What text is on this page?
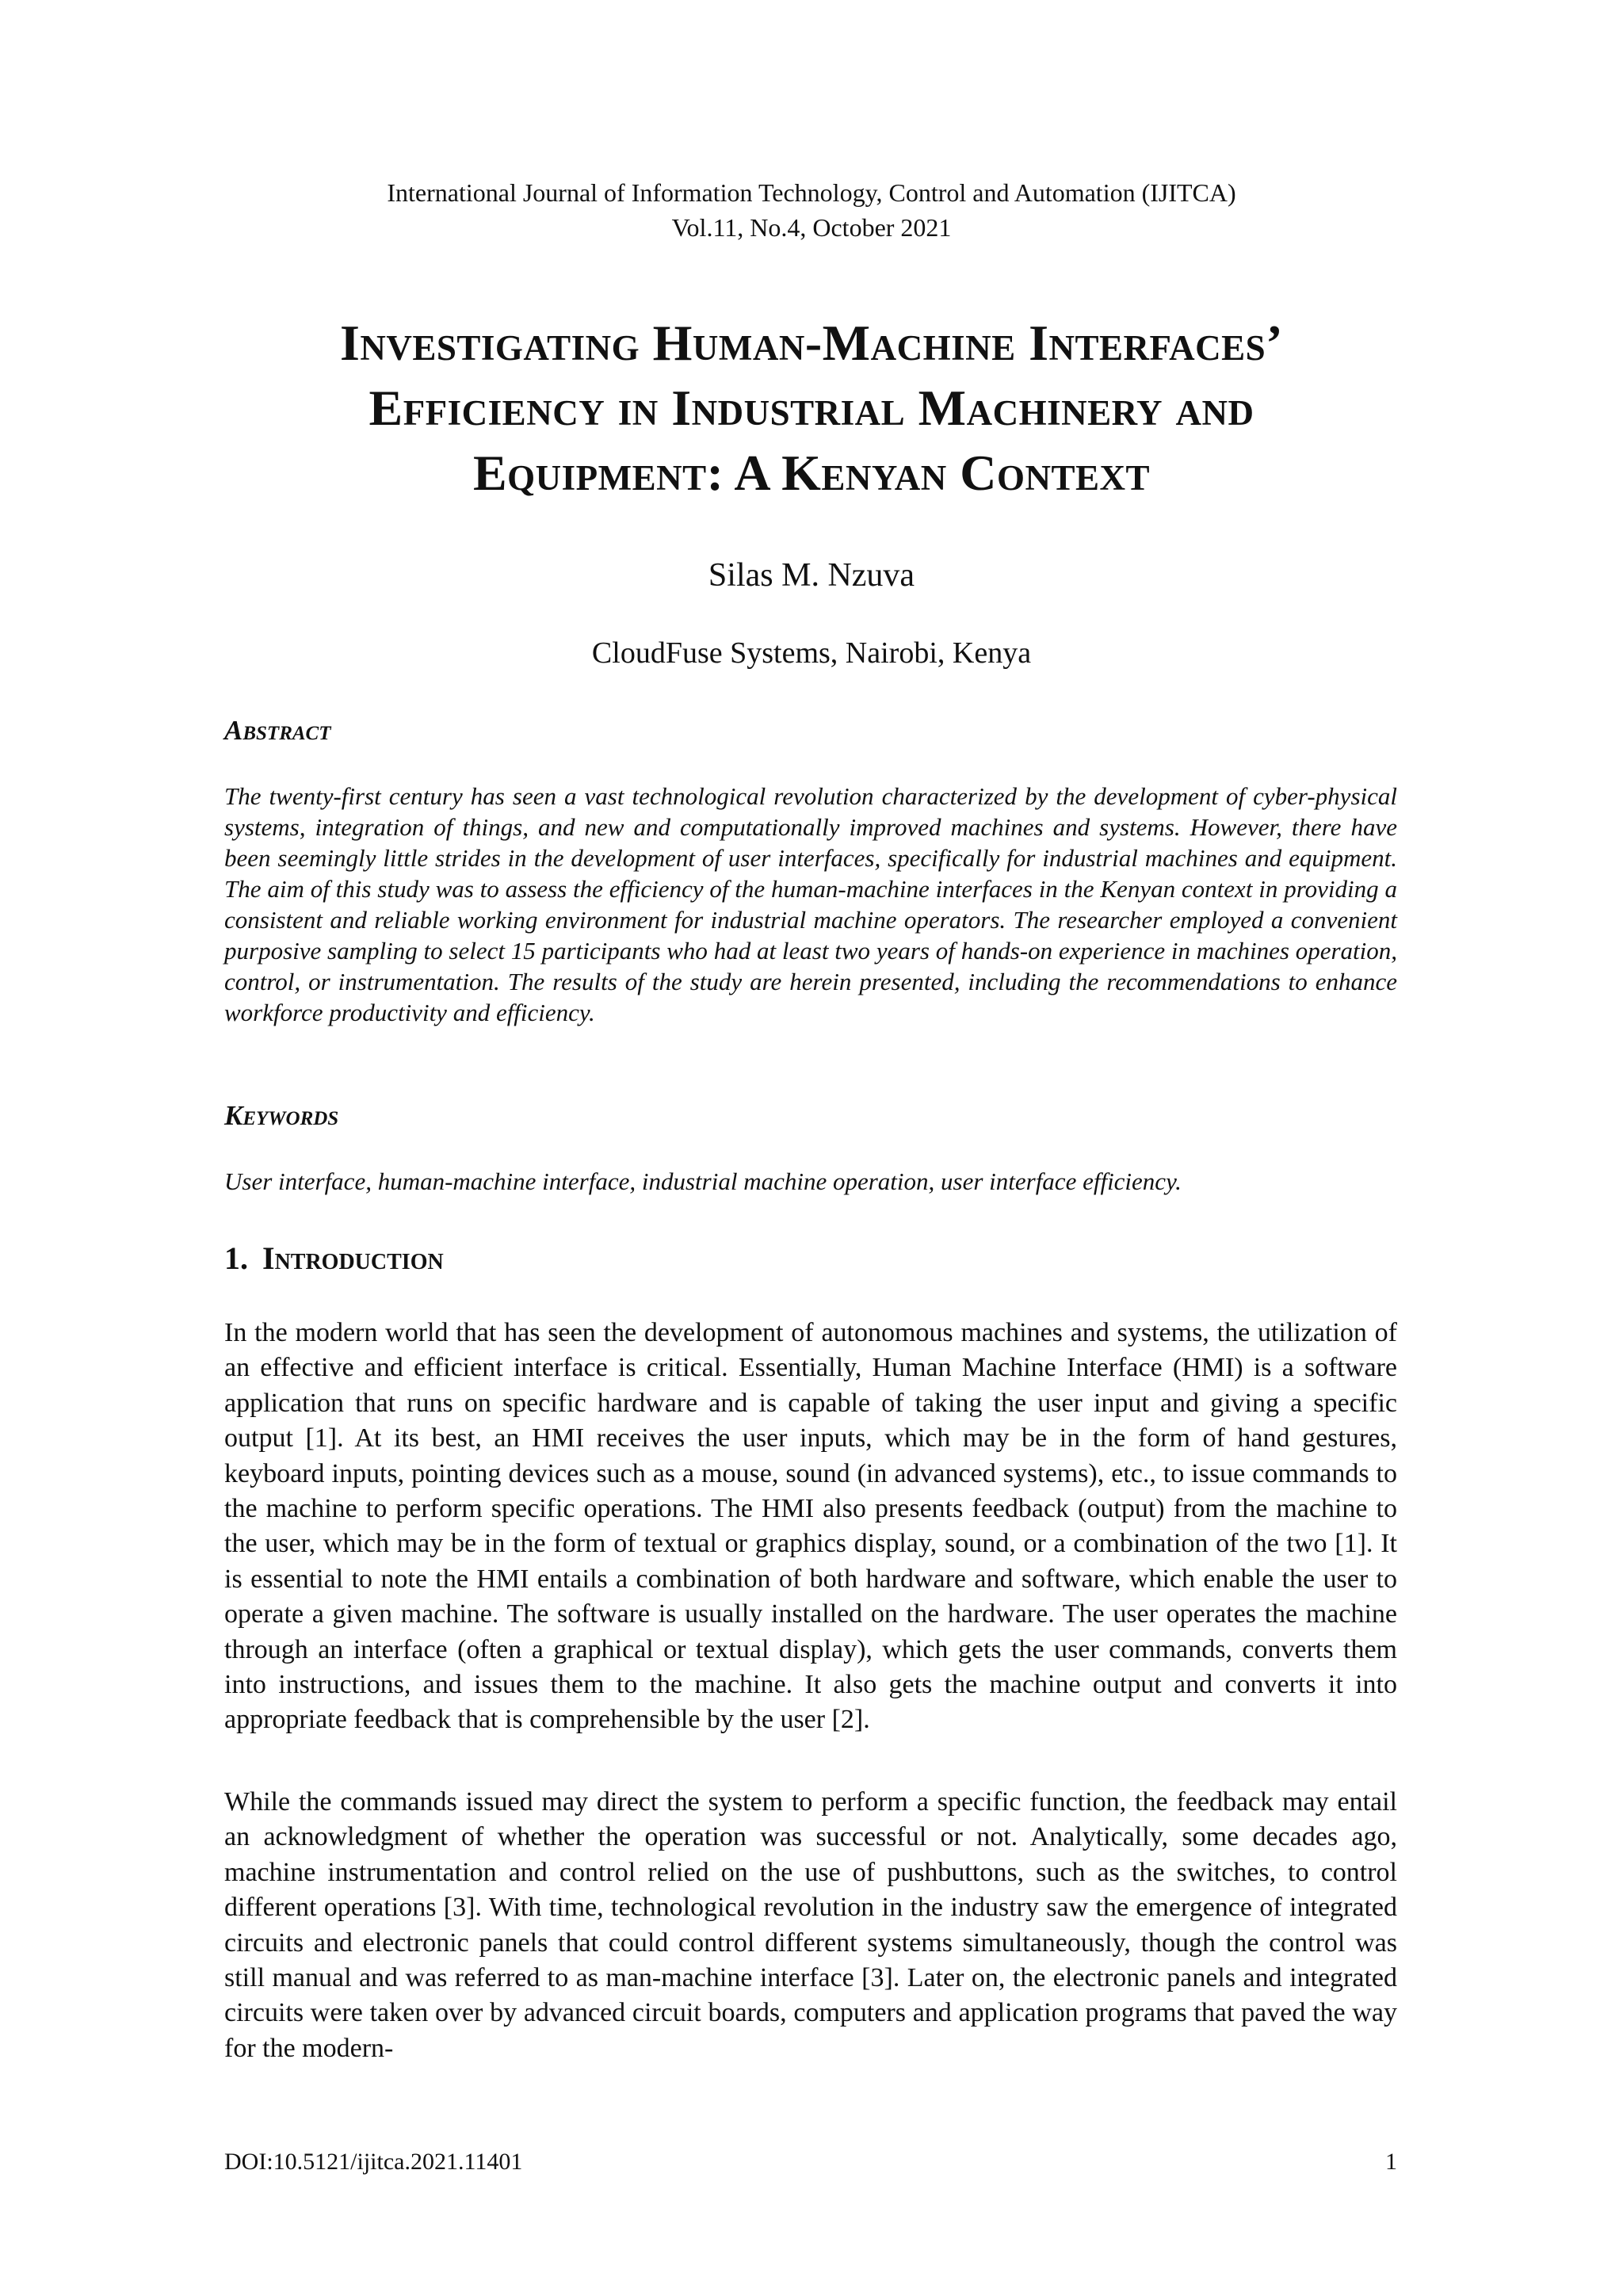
International Journal of Information Technology, Control and Automation (IJITCA)
Vol.11, No.4, October 2021
Investigating Human-Machine Interfaces’
Efficiency in Industrial Machinery and
Equipment: A Kenyan Context
Silas M. Nzuva
CloudFuse Systems, Nairobi, Kenya
Abstract
The twenty-first century has seen a vast technological revolution characterized by the development of cyber-physical systems, integration of things, and new and computationally improved machines and systems. However, there have been seemingly little strides in the development of user interfaces, specifically for industrial machines and equipment. The aim of this study was to assess the efficiency of the human-machine interfaces in the Kenyan context in providing a consistent and reliable working environment for industrial machine operators. The researcher employed a convenient purposive sampling to select 15 participants who had at least two years of hands-on experience in machines operation, control, or instrumentation. The results of the study are herein presented, including the recommendations to enhance workforce productivity and efficiency.
Keywords
User interface, human-machine interface, industrial machine operation, user interface efficiency.
1. Introduction

In the modern world that has seen the development of autonomous machines and systems, the utilization of an effective and efficient interface is critical. Essentially, Human Machine Interface (HMI) is a software application that runs on specific hardware and is capable of taking the user input and giving a specific output [1]. At its best, an HMI receives the user inputs, which may be in the form of hand gestures, keyboard inputs, pointing devices such as a mouse, sound (in advanced systems), etc., to issue commands to the machine to perform specific operations. The HMI also presents feedback (output) from the machine to the user, which may be in the form of textual or graphics display, sound, or a combination of the two [1]. It is essential to note the HMI entails a combination of both hardware and software, which enable the user to operate a given machine. The software is usually installed on the hardware. The user operates the machine through an interface (often a graphical or textual display), which gets the user commands, converts them into instructions, and issues them to the machine. It also gets the machine output and converts it into appropriate feedback that is comprehensible by the user [2].

While the commands issued may direct the system to perform a specific function, the feedback may entail an acknowledgment of whether the operation was successful or not. Analytically, some decades ago, machine instrumentation and control relied on the use of pushbuttons, such as the switches, to control different operations [3]. With time, technological revolution in the industry saw the emergence of integrated circuits and electronic panels that could control different systems simultaneously, though the control was still manual and was referred to as man-machine interface [3]. Later on, the electronic panels and integrated circuits were taken over by advanced circuit boards, computers and application programs that paved the way for the modern-

DOI:10.5121/ijitca.2021.11401	1
